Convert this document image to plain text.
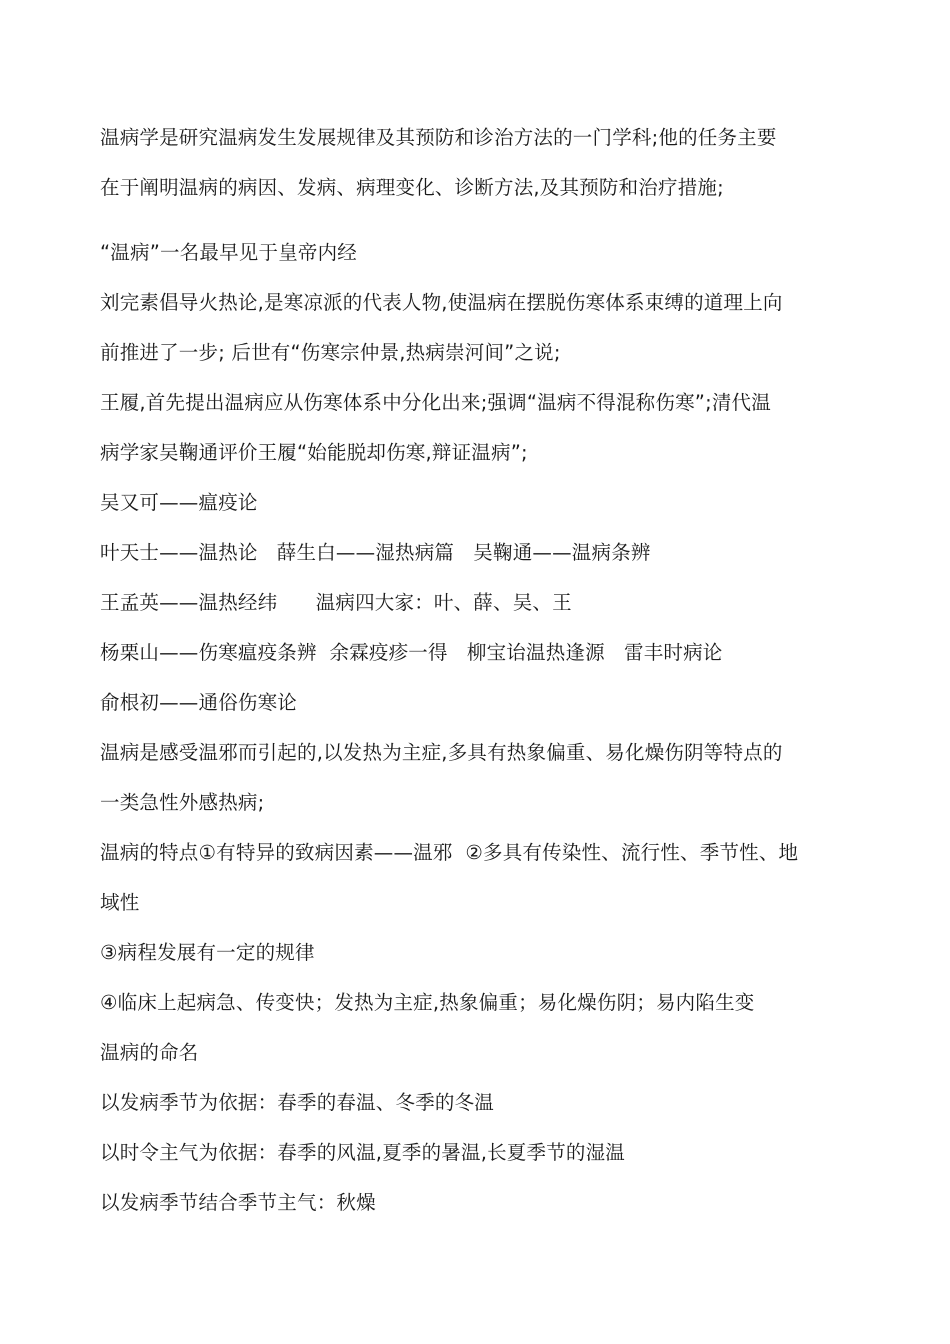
温病学是研究温病发生发展规律及其预防和诊治方法的一门学科;他的任务主要
在于阐明温病的病因、发病、病理变化、诊断方法,及其预防和治疗措施;
“温病”一名最早见于皇帝内经
刘完素倡导火热论,是寒凉派的代表人物,使温病在摆脱伤寒体系束缚的道理上向
前推进了一步; 后世有“伤寒宗仲景,热病崇河间”之说;
王履,首先提出温病应从伤寒体系中分化出来;强调“温病不得混称伤寒”;清代温
病学家吴鞠通评价王履“始能脱却伤寒,辩证温病”;
吴又可——瘟疫论
叶天士——温热论   薛生白——湿热病篇   吴鞠通——温病条辨
王孟英——温热经纬      温病四大家：叶、薛、吴、王
杨栗山——伤寒瘟疫条辨  余霖疫疹一得   柳宝诒温热逢源   雷丰时病论
俞根初——通俗伤寒论
温病是感受温邪而引起的,以发热为主症,多具有热象偏重、易化燥伤阴等特点的
一类急性外感热病;
温病的特点①有特异的致病因素——温邪  ②多具有传染性、流行性、季节性、地
域性
③病程发展有一定的规律
④临床上起病急、传变快；发热为主症,热象偏重；易化燥伤阴；易内陷生变
温病的命名
以发病季节为依据：春季的春温、冬季的冬温
以时令主气为依据：春季的风温,夏季的暑温,长夏季节的湿温
以发病季节结合季节主气：秋燥
